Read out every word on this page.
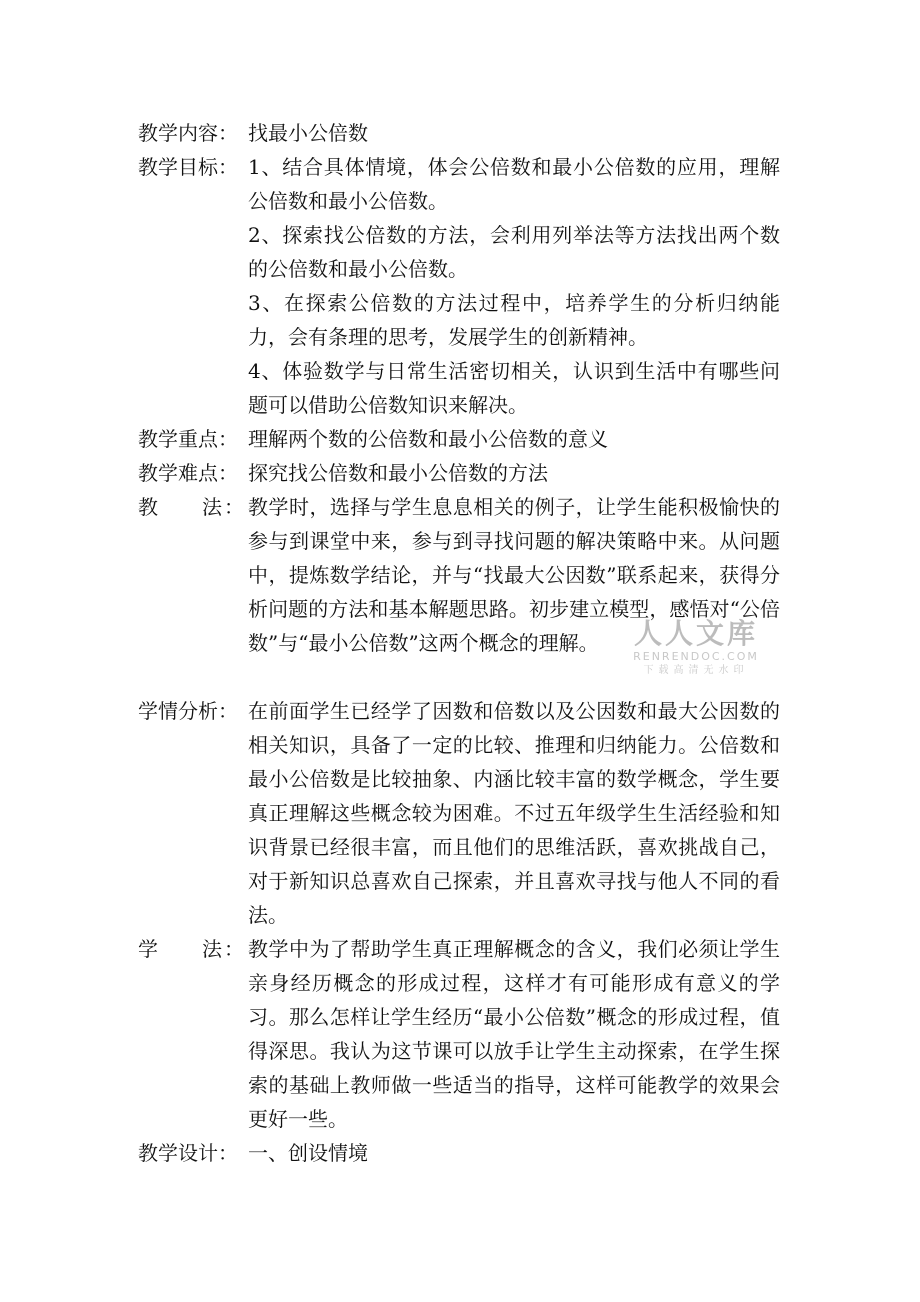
教学内容： 找最小公倍数
教学目标： 1、结合具体情境，体会公倍数和最小公倍数的应用，理解公倍数和最小公倍数。

2、探索找公倍数的方法，会利用列举法等方法找出两个数的公倍数和最小公倍数。

3、在探索公倍数的方法过程中，培养学生的分析归纳能力，会有条理的思考，发展学生的创新精神。

4、体验数学与日常生活密切相关，认识到生活中有哪些问题可以借助公倍数知识来解决。

教学重点： 理解两个数的公倍数和最小公倍数的意义
教学难点： 探究找公倍数和最小公倍数的方法
教 法 ： 教学时，选择与学生息息相关的例子，让学生能积极愉快的参与到课堂中来，参与到寻找问题的解决策略中来。从问题中，提炼数学结论，并与“找最大公因数”联系起来，获得分析问题的方法和基本解题思路。初步建立模型，感悟对“公倍数”与“最小公倍数”这两个概念的理解。

学情分析： 在前面学生已经学了因数和倍数以及公因数和最大公因数的相关知识，具备了一定的比较、推理和归纳能力。公倍数和最小公倍数是比较抽象、内涵比较丰富的数学概念，学生要真正理解这些概念较为困难。不过五年级学生生活经验和知识背景已经很丰富，而且他们的思维活跃，喜欢挑战自己，对于新知识总喜欢自己探索，并且喜欢寻找与他人不同的看法。

学 法 ： 教学中为了帮助学生真正理解概念的含义，我们必须让学生亲身经历概念的形成过程，这样才有可能形成有意义的学习。那么怎样让学生经历“最小公倍数”概念的形成过程，值得深思。我认为这节课可以放手让学生主动探索，在学生探索的基础上教师做一些适当的指导，这样可能教学的效果会更好一些。

教学设计： 一、创设情境
人人文库
RENRENDOC.COM
下载高清无水印
